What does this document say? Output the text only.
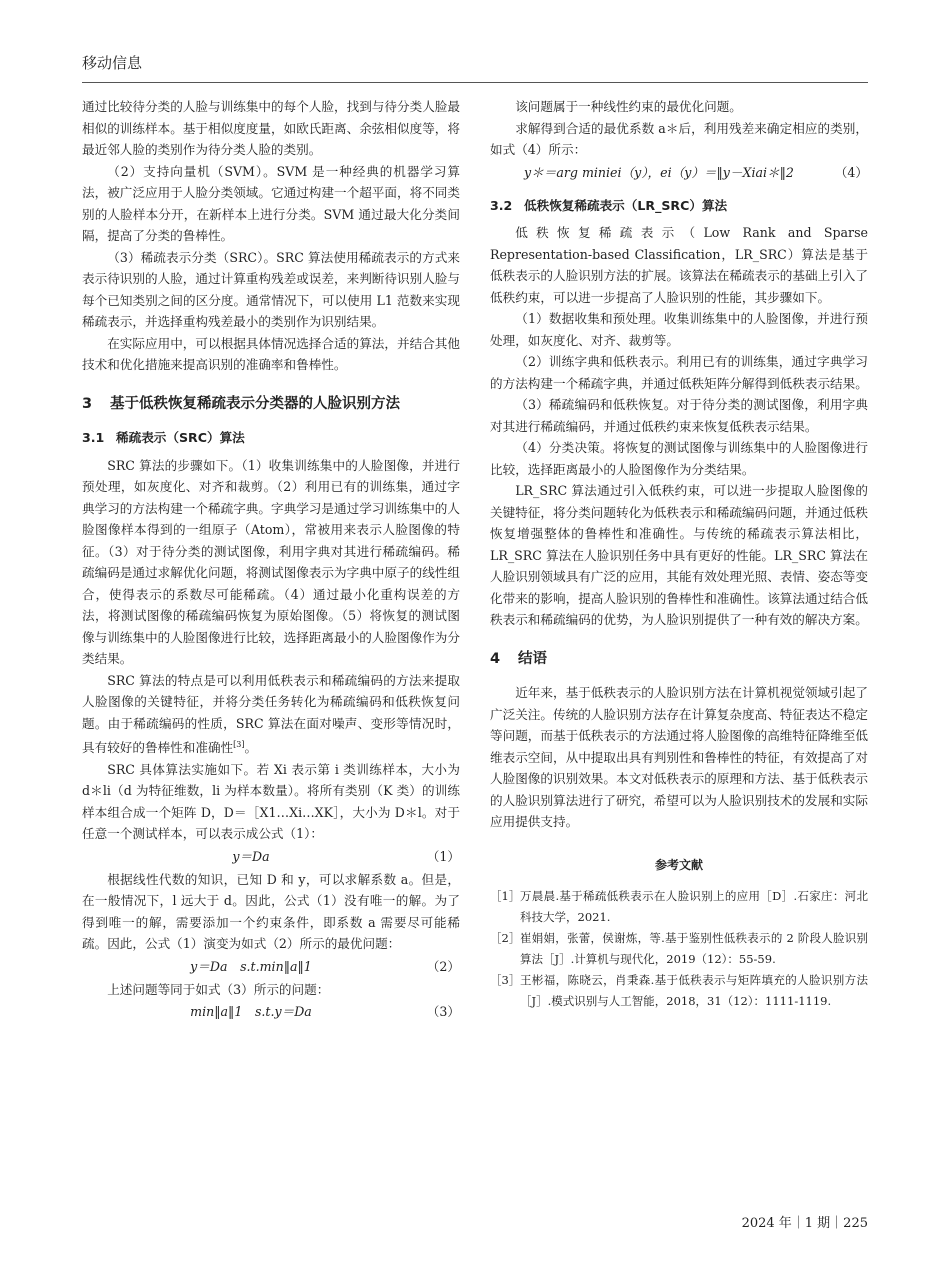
移动信息

通过比较待分类的人脸与训练集中的每个人脸，找到与待分类人脸最相似的训练样本。基于相似度度量，如欧氏距离、余弦相似度等，将最近邻人脸的类别作为待分类人脸的类别。

（2）支持向量机（SVM）。SVM 是一种经典的机器学习算法，被广泛应用于人脸分类领域。它通过构建一个超平面，将不同类别的人脸样本分开，在新样本上进行分类。SVM 通过最大化分类间隔，提高了分类的鲁棒性。

（3）稀疏表示分类（SRC）。SRC 算法使用稀疏表示的方式来表示待识别的人脸，通过计算重构残差或误差，来判断待识别人脸与每个已知类别之间的区分度。通常情况下，可以使用 L1 范数来实现稀疏表示，并选择重构残差最小的类别作为识别结果。

在实际应用中，可以根据具体情况选择合适的算法，并结合其他技术和优化措施来提高识别的准确率和鲁棒性。

3 基于低秩恢复稀疏表示分类器的人脸识别方法
3.1 稀疏表示（SRC）算法

SRC 算法的步骤如下。（1）收集训练集中的人脸图像，并进行预处理，如灰度化、对齐和裁剪。（2）利用已有的训练集，通过字典学习的方法构建一个稀疏字典。字典学习是通过学习训练集中的人脸图像样本得到的一组原子（Atom），常被用来表示人脸图像的特征。（3）对于待分类的测试图像，利用字典对其进行稀疏编码。稀疏编码是通过求解优化问题，将测试图像表示为字典中原子的线性组合，使得表示的系数尽可能稀疏。（4）通过最小化重构误差的方法，将测试图像的稀疏编码恢复为原始图像。（5）将恢复的测试图像与训练集中的人脸图像进行比较，选择距离最小的人脸图像作为分类结果。

SRC 算法的特点是可以利用低秩表示和稀疏编码的方法来提取人脸图像的关键特征，并将分类任务转化为稀疏编码和低秩恢复问题。由于稀疏编码的性质，SRC 算法在面对噪声、变形等情况时，具有较好的鲁棒性和准确性[3]。

SRC 具体算法实施如下。若 Xi 表示第 i 类训练样本，大小为 d＊li（d 为特征维数，li 为样本数量）。将所有类别（K 类）的训练样本组合成一个矩阵 D，D＝［X1…Xi…XK］，大小为 D＊l。对于任意一个测试样本，可以表示成公式（1）：

y＝Da	（1）

根据线性代数的知识，已知 D 和 y，可以求解系数 a。但是，在一般情况下，l 远大于 d。因此，公式（1）没有唯一的解。为了得到唯一的解，需要添加一个约束条件，即系数 a 需要尽可能稀疏。因此，公式（1）演变为如式（2）所示的最优问题：

y＝Da　s.t.min‖a‖1	（2）

上述问题等同于如式（3）所示的问题：

min‖a‖1　s.t.y＝Da	（3）

该问题属于一种线性约束的最优化问题。

求解得到合适的最优系数 a＊后，利用残差来确定相应的类别，如式（4）所示：

y＊＝arg miniei（y），ei（y）＝‖y－Xiai＊‖2	（4）
3.2 低秩恢复稀疏表示（LR_SRC）算法

低秩恢复稀疏表示（Low Rank and Sparse Representation-based Classification，LR_SRC）算法是基于低秩表示的人脸识别方法的扩展。该算法在稀疏表示的基础上引入了低秩约束，可以进一步提高了人脸识别的性能，其步骤如下。

（1）数据收集和预处理。收集训练集中的人脸图像，并进行预处理，如灰度化、对齐、裁剪等。

（2）训练字典和低秩表示。利用已有的训练集，通过字典学习的方法构建一个稀疏字典，并通过低秩矩阵分解得到低秩表示结果。

（3）稀疏编码和低秩恢复。对于待分类的测试图像，利用字典对其进行稀疏编码，并通过低秩约束来恢复低秩表示结果。

（4）分类决策。将恢复的测试图像与训练集中的人脸图像进行比较，选择距离最小的人脸图像作为分类结果。

LR_SRC 算法通过引入低秩约束，可以进一步提取人脸图像的关键特征，将分类问题转化为低秩表示和稀疏编码问题，并通过低秩恢复增强整体的鲁棒性和准确性。与传统的稀疏表示算法相比，LR_SRC 算法在人脸识别任务中具有更好的性能。LR_SRC 算法在人脸识别领域具有广泛的应用，其能有效处理光照、表情、姿态等变化带来的影响，提高人脸识别的鲁棒性和准确性。该算法通过结合低秩表示和稀疏编码的优势，为人脸识别提供了一种有效的解决方案。

4 结语

近年来，基于低秩表示的人脸识别方法在计算机视觉领域引起了广泛关注。传统的人脸识别方法存在计算复杂度高、特征表达不稳定等问题，而基于低秩表示的方法通过将人脸图像的高维特征降维至低维表示空间，从中提取出具有判别性和鲁棒性的特征，有效提高了对人脸图像的识别效果。本文对低秩表示的原理和方法、基于低秩表示的人脸识别算法进行了研究，希望可以为人脸识别技术的发展和实际应用提供支持。

参考文献
［1］ 万晨晨.基于稀疏低秩表示在人脸识别上的应用［D］.石家庄：河北科技大学，2021.
［2］ 崔娟娟，张蕾，侯谢炼，等.基于鉴别性低秩表示的 2 阶段人脸识别算法［J］.计算机与现代化，2019（12）：55-59.
［3］ 王彬福，陈晓云，肖秉森.基于低秩表示与矩阵填充的人脸识别方法［J］.模式识别与人工智能，2018，31（12）：1111-1119.
2024 年｜1 期｜225
